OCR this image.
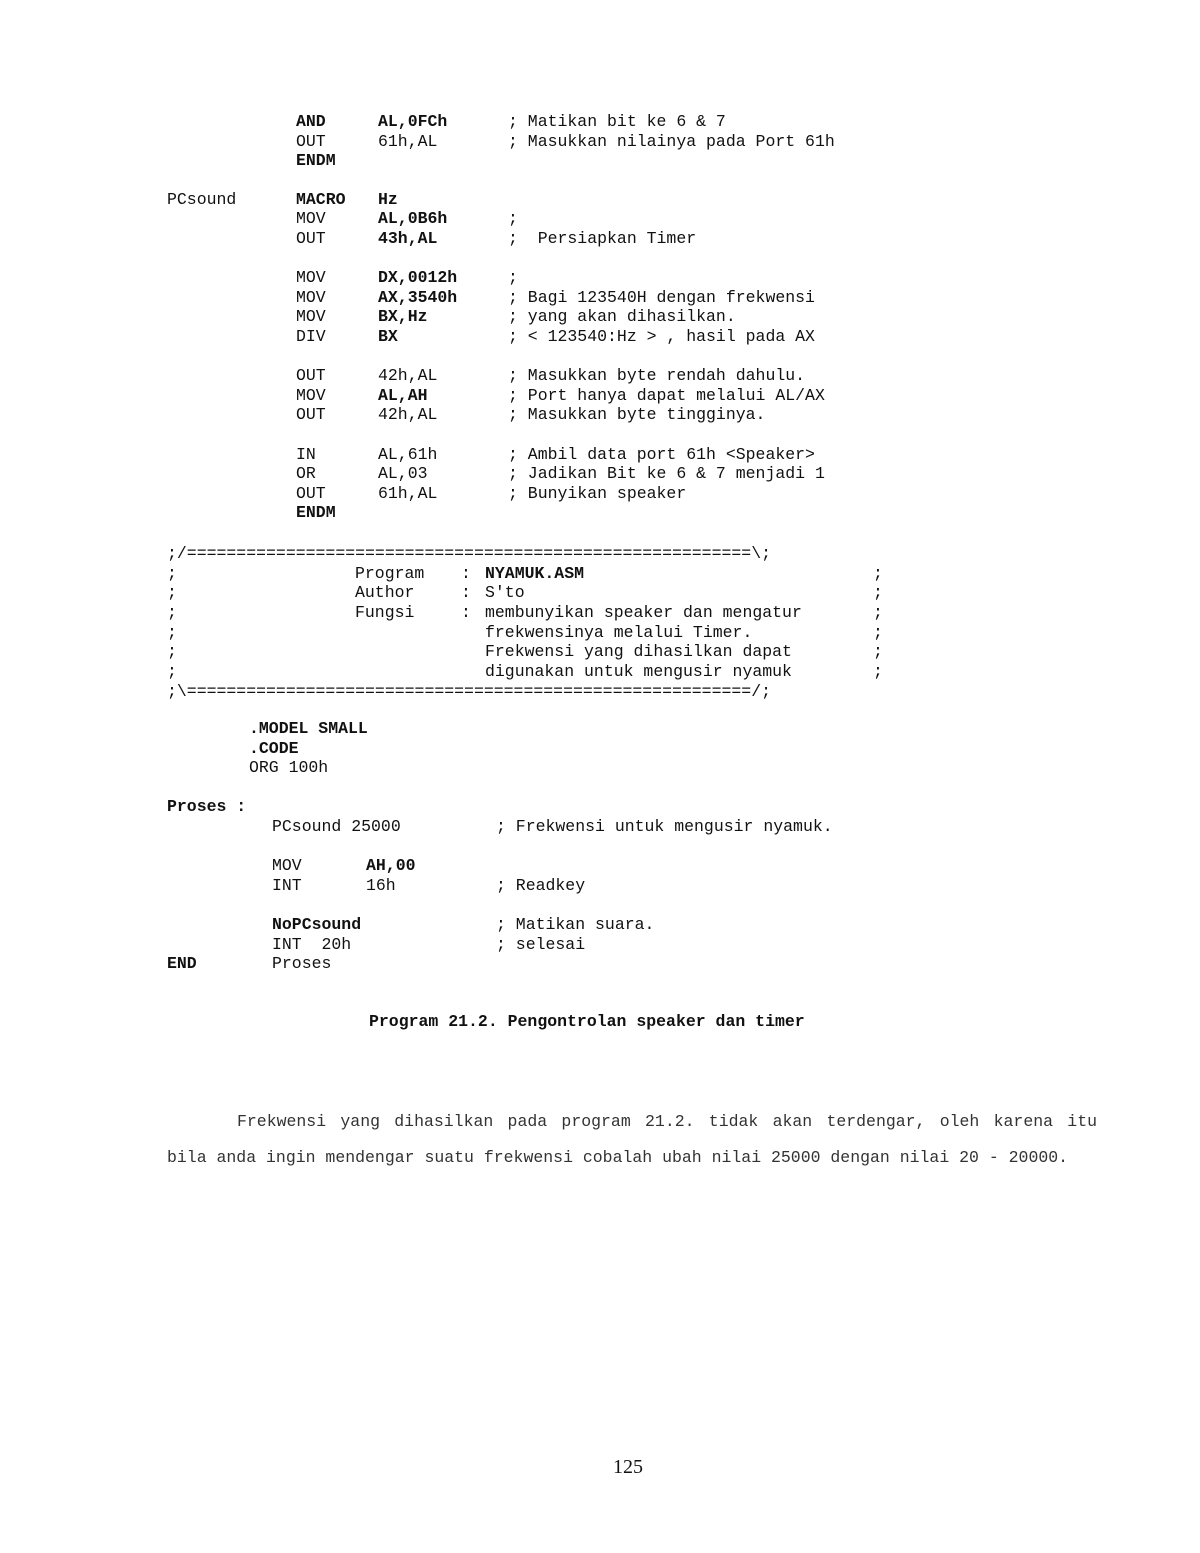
AND	AL,0FCh	; Matikan bit ke 6 & 7
OUT	61h,AL	; Masukkan nilainya pada Port 61h
ENDM
PCsound	MACRO Hz
MOV	AL,0B6h	;
OUT	43h,AL	;  Persiapkan Timer
MOV	DX,0012h	;
MOV	AX,3540h	; Bagi 123540H dengan frekwensi
MOV	BX,Hz	; yang akan dihasilkan.
DIV	BX	; < 123540:Hz > , hasil pada AX
OUT	42h,AL	; Masukkan byte rendah dahulu.
MOV	AL,AH	; Port hanya dapat melalui AL/AX
OUT	42h,AL	; Masukkan byte tingginya.
IN	AL,61h	; Ambil data port 61h <Speaker>
OR	AL,03	; Jadikan Bit ke 6 & 7 menjadi 1
OUT	61h,AL	; Bunyikan speaker
ENDM
;/=========================================================\;
;	Program : NYAMUK.ASM	;
;	Author	: S'to	;
;	Fungsi	: membunyikan speaker dan mengatur	;
;	frekwensinya melalui Timer.	;
;	Frekwensi yang dihasilkan dapat	;
;	digunakan untuk mengusir nyamuk	;
;\=========================================================/;
.MODEL SMALL
.CODE
ORG 100h
Proses :
PCsound 25000	; Frekwensi untuk mengusir nyamuk.
MOV	AH,00
INT	16h	; Readkey
NoPCsound	; Matikan suara.
INT  20h	; selesai
END	Proses
Program 21.2. Pengontrolan speaker dan timer

Frekwensi yang dihasilkan pada program 21.2. tidak akan terdengar, oleh karena itu bila anda ingin mendengar suatu frekwensi cobalah ubah nilai 25000 dengan nilai 20 - 20000.

125
